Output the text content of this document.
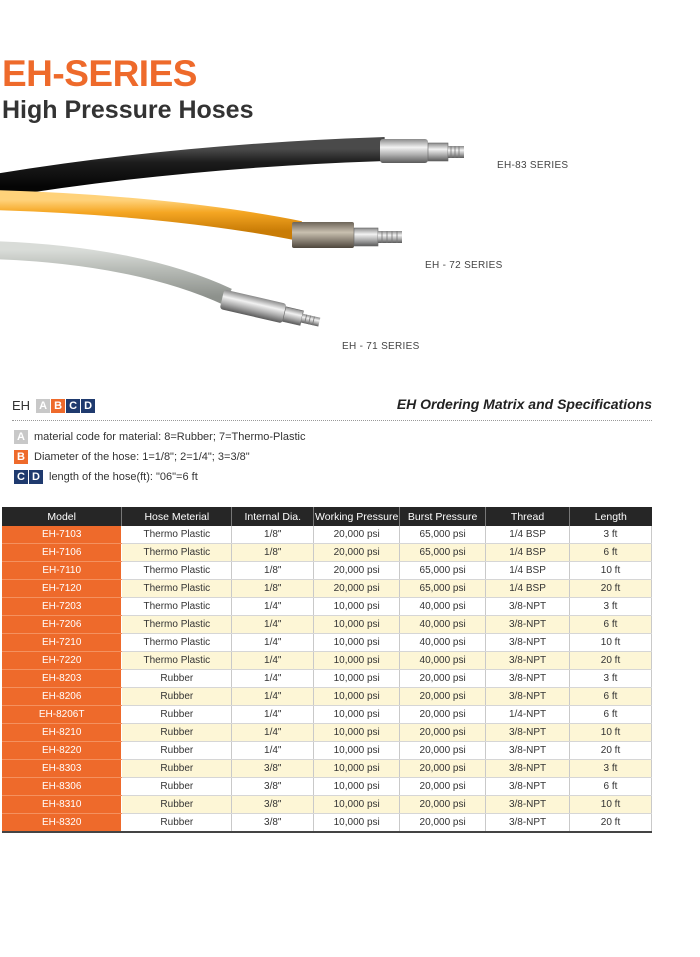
EH-SERIES
High Pressure Hoses
EH-83 SERIES
EH - 72 SERIES
EH - 71 SERIES
EH A B C D	EH Ordering Matrix and Specifications
A material code for material: 8=Rubber; 7=Thermo-Plastic
B Diameter of the hose: 1=1/8"; 2=1/4"; 3=3/8"
C D length of the hose(ft): "06"=6 ft
Model	Hose Meterial	Internal Dia.	Working Pressure	Burst Pressure	Thread	Length
EH-7103	Thermo Plastic	1/8"	20,000 psi	65,000 psi	1/4 BSP	3 ft
EH-7106	Thermo Plastic	1/8"	20,000 psi	65,000 psi	1/4 BSP	6 ft
EH-7110	Thermo Plastic	1/8"	20,000 psi	65,000 psi	1/4 BSP	10 ft
EH-7120	Thermo Plastic	1/8"	20,000 psi	65,000 psi	1/4 BSP	20 ft
EH-7203	Thermo Plastic	1/4"	10,000 psi	40,000 psi	3/8-NPT	3 ft
EH-7206	Thermo Plastic	1/4"	10,000 psi	40,000 psi	3/8-NPT	6 ft
EH-7210	Thermo Plastic	1/4"	10,000 psi	40,000 psi	3/8-NPT	10 ft
EH-7220	Thermo Plastic	1/4"	10,000 psi	40,000 psi	3/8-NPT	20 ft
EH-8203	Rubber	1/4"	10,000 psi	20,000 psi	3/8-NPT	3 ft
EH-8206	Rubber	1/4"	10,000 psi	20,000 psi	3/8-NPT	6 ft
EH-8206T	Rubber	1/4"	10,000 psi	20,000 psi	1/4-NPT	6 ft
EH-8210	Rubber	1/4"	10,000 psi	20,000 psi	3/8-NPT	10 ft
EH-8220	Rubber	1/4"	10,000 psi	20,000 psi	3/8-NPT	20 ft
EH-8303	Rubber	3/8"	10,000 psi	20,000 psi	3/8-NPT	3 ft
EH-8306	Rubber	3/8"	10,000 psi	20,000 psi	3/8-NPT	6 ft
EH-8310	Rubber	3/8"	10,000 psi	20,000 psi	3/8-NPT	10 ft
EH-8320	Rubber	3/8"	10,000 psi	20,000 psi	3/8-NPT	20 ft
